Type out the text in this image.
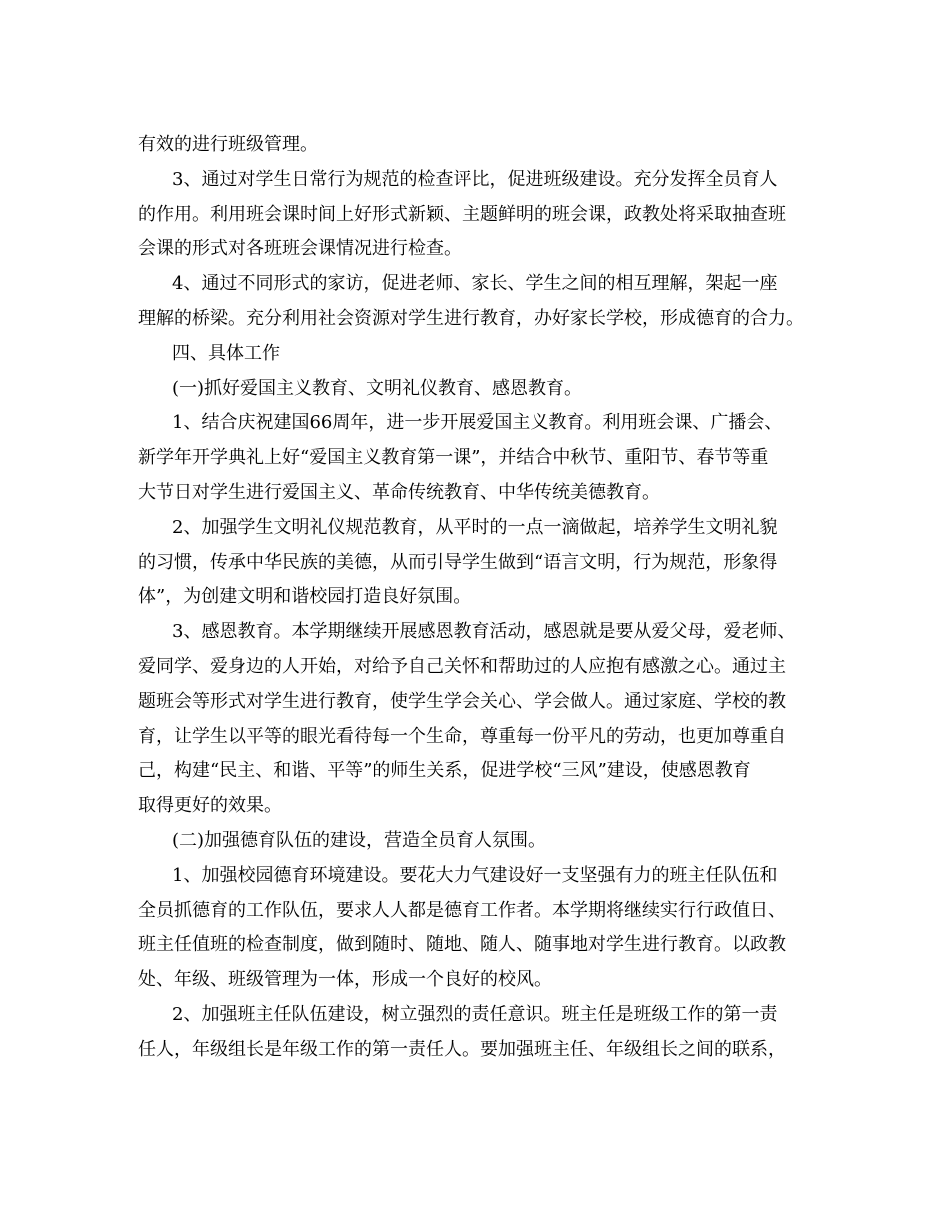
有效的进行班级管理。
3、通过对学生日常行为规范的检查评比，促进班级建设。充分发挥全员育人
的作用。利用班会课时间上好形式新颖、主题鲜明的班会课，政教处将采取抽查班
会课的形式对各班班会课情况进行检查。
4、通过不同形式的家访，促进老师、家长、学生之间的相互理解，架起一座
理解的桥梁。充分利用社会资源对学生进行教育，办好家长学校，形成德育的合力。
四、具体工作
(一)抓好爱国主义教育、文明礼仪教育、感恩教育。
1、结合庆祝建国66周年，进一步开展爱国主义教育。利用班会课、广播会、
新学年开学典礼上好“爱国主义教育第一课”，并结合中秋节、重阳节、春节等重
大节日对学生进行爱国主义、革命传统教育、中华传统美德教育。
2、加强学生文明礼仪规范教育，从平时的一点一滴做起，培养学生文明礼貌
的习惯，传承中华民族的美德，从而引导学生做到“语言文明，行为规范，形象得
体”，为创建文明和谐校园打造良好氛围。
3、感恩教育。本学期继续开展感恩教育活动，感恩就是要从爱父母，爱老师、
爱同学、爱身边的人开始，对给予自己关怀和帮助过的人应抱有感激之心。通过主
题班会等形式对学生进行教育，使学生学会关心、学会做人。通过家庭、学校的教
育，让学生以平等的眼光看待每一个生命，尊重每一份平凡的劳动，也更加尊重自
己，构建“民主、和谐、平等”的师生关系，促进学校“三风”建设，使感恩教育
取得更好的效果。
(二)加强德育队伍的建设，营造全员育人氛围。
1、加强校园德育环境建设。要花大力气建设好一支坚强有力的班主任队伍和
全员抓德育的工作队伍，要求人人都是德育工作者。本学期将继续实行行政值日、
班主任值班的检查制度，做到随时、随地、随人、随事地对学生进行教育。以政教
处、年级、班级管理为一体，形成一个良好的校风。
2、加强班主任队伍建设，树立强烈的责任意识。班主任是班级工作的第一责
任人，年级组长是年级工作的第一责任人。要加强班主任、年级组长之间的联系，
